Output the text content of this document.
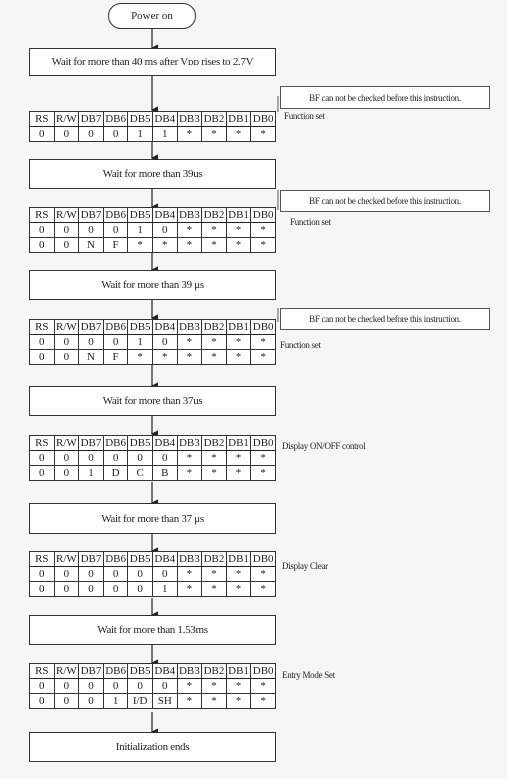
Power on
Wait for more than 40 ms after Vᴅᴅ rises to 2.7V
BF can not be checked before this instruction.
RS	R/W	DB7	DB6	DB5	DB4	DB3	DB2	DB1	DB0
0	0	0	0	1	1	*	*	*	*
Function set
Wait for more than 39us
BF can not be checked before this instruction.
RS	R/W	DB7	DB6	DB5	DB4	DB3	DB2	DB1	DB0
0	0	0	0	1	0	*	*	*	*
0	0	N	F	*	*	*	*	*	*
Function set
Wait for more than 39 μs
BF can not be checked before this instruction.
RS	R/W	DB7	DB6	DB5	DB4	DB3	DB2	DB1	DB0
0	0	0	0	1	0	*	*	*	*
0	0	N	F	*	*	*	*	*	*
Function set
Wait for more than 37us
RS	R/W	DB7	DB6	DB5	DB4	DB3	DB2	DB1	DB0
0	0	0	0	0	0	*	*	*	*
0	0	1	D	C	B	*	*	*	*
Display ON/OFF control
Wait for more than 37 μs
RS	R/W	DB7	DB6	DB5	DB4	DB3	DB2	DB1	DB0
0	0	0	0	0	0	*	*	*	*
0	0	0	0	0	1	*	*	*	*
Display Clear
Wait for more than 1.53ms
RS	R/W	DB7	DB6	DB5	DB4	DB3	DB2	DB1	DB0
0	0	0	0	0	0	*	*	*	*
0	0	0	1	I/D	SH	*	*	*	*
Entry Mode Set
Initialization ends
